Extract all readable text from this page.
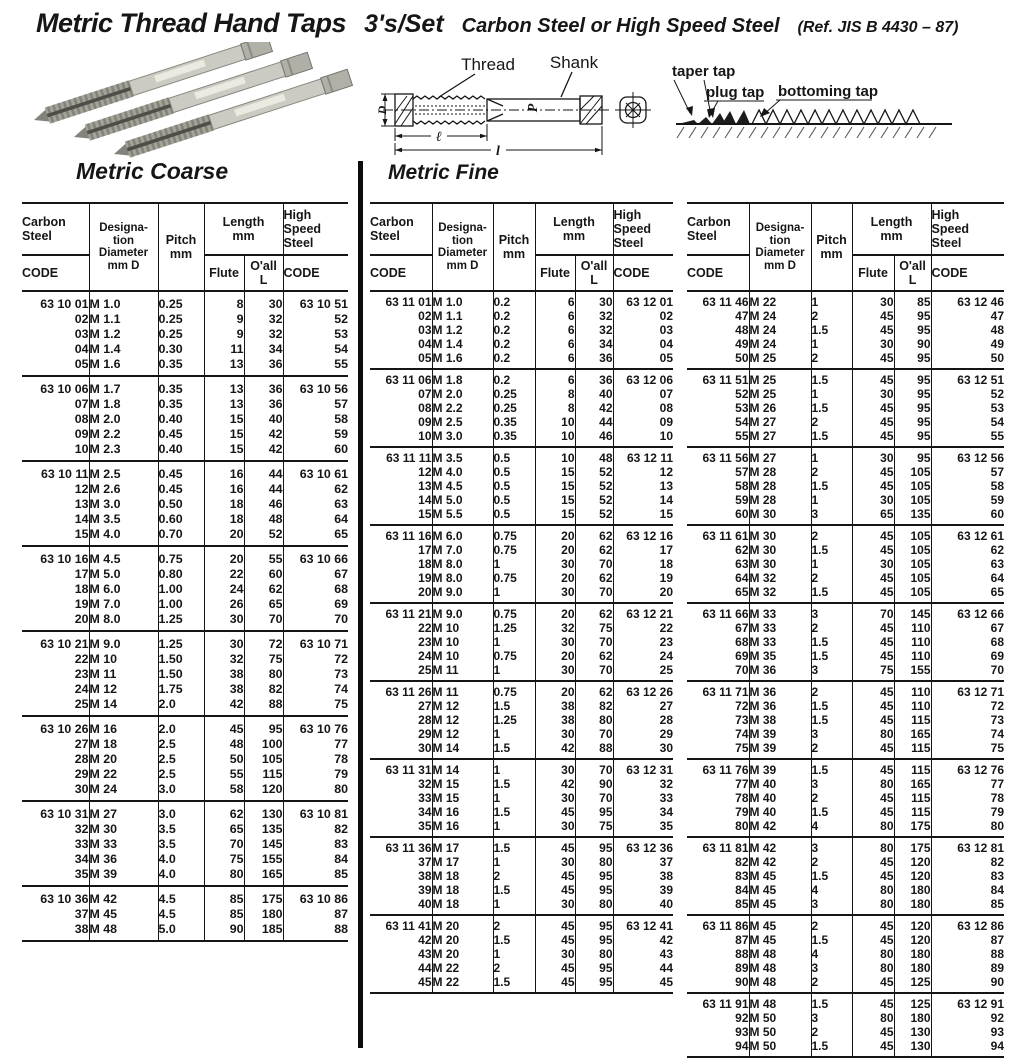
Metric Thread Hand Taps 3's/Set Carbon Steel or High Speed Steel (Ref. JIS B 4430 – 87)
Thread Shank
P
D
ℓ
l
taper tap
plug tap bottoming tap
Metric Coarse	Metric Fine
Carbon
Steel	Designa-
tion
Diameter
mm D	Pitch
mm	Length
mm		High
Speed
Steel
CODE			Flute	O'all
L	CODE
63 10 01	M 1.0	0.25	8	30	63 10 51
02	M 1.1	0.25	9	32	52
03	M 1.2	0.25	9	32	53
04	M 1.4	0.30	11	34	54
05	M 1.6	0.35	13	36	55
63 10 06	M 1.7	0.35	13	36	63 10 56
07	M 1.8	0.35	13	36	57
08	M 2.0	0.40	15	40	58
09	M 2.2	0.45	15	42	59
10	M 2.3	0.40	15	42	60
63 10 11	M 2.5	0.45	16	44	63 10 61
12	M 2.6	0.45	16	44	62
13	M 3.0	0.50	18	46	63
14	M 3.5	0.60	18	48	64
15	M 4.0	0.70	20	52	65
63 10 16	M 4.5	0.75	20	55	63 10 66
17	M 5.0	0.80	22	60	67
18	M 6.0	1.00	24	62	68
19	M 7.0	1.00	26	65	69
20	M 8.0	1.25	30	70	70
63 10 21	M 9.0	1.25	30	72	63 10 71
22	M 10	1.50	32	75	72
23	M 11	1.50	38	80	73
24	M 12	1.75	38	82	74
25	M 14	2.0	42	88	75
63 10 26	M 16	2.0	45	95	63 10 76
27	M 18	2.5	48	100	77
28	M 20	2.5	50	105	78
29	M 22	2.5	55	115	79
30	M 24	3.0	58	120	80
63 10 31	M 27	3.0	62	130	63 10 81
32	M 30	3.5	65	135	82
33	M 33	3.5	70	145	83
34	M 36	4.0	75	155	84
35	M 39	4.0	80	165	85
63 10 36	M 42	4.5	85	175	63 10 86
37	M 45	4.5	85	180	87
38	M 48	5.0	90	185	88
Carbon
Steel	Designa-
tion
Diameter
mm D	Pitch
mm	Length
mm		High
Speed
Steel
CODE			Flute	O'all
L	CODE
63 11 01	M 1.0	0.2	6	30	63 12 01
02	M 1.1	0.2	6	32	02
03	M 1.2	0.2	6	32	03
04	M 1.4	0.2	6	34	04
05	M 1.6	0.2	6	36	05
63 11 06	M 1.8	0.2	6	36	63 12 06
07	M 2.0	0.25	8	40	07
08	M 2.2	0.25	8	42	08
09	M 2.5	0.35	10	44	09
10	M 3.0	0.35	10	46	10
63 11 11	M 3.5	0.5	10	48	63 12 11
12	M 4.0	0.5	15	52	12
13	M 4.5	0.5	15	52	13
14	M 5.0	0.5	15	52	14
15	M 5.5	0.5	15	52	15
63 11 16	M 6.0	0.75	20	62	63 12 16
17	M 7.0	0.75	20	62	17
18	M 8.0	1	30	70	18
19	M 8.0	0.75	20	62	19
20	M 9.0	1	30	70	20
63 11 21	M 9.0	0.75	20	62	63 12 21
22	M 10	1.25	32	75	22
23	M 10	1	30	70	23
24	M 10	0.75	20	62	24
25	M 11	1	30	70	25
63 11 26	M 11	0.75	20	62	63 12 26
27	M 12	1.5	38	82	27
28	M 12	1.25	38	80	28
29	M 12	1	30	70	29
30	M 14	1.5	42	88	30
63 11 31	M 14	1	30	70	63 12 31
32	M 15	1.5	42	90	32
33	M 15	1	30	70	33
34	M 16	1.5	45	95	34
35	M 16	1	30	75	35
63 11 36	M 17	1.5	45	95	63 12 36
37	M 17	1	30	80	37
38	M 18	2	45	95	38
39	M 18	1.5	45	95	39
40	M 18	1	30	80	40
63 11 41	M 20	2	45	95	63 12 41
42	M 20	1.5	45	95	42
43	M 20	1	30	80	43
44	M 22	2	45	95	44
45	M 22	1.5	45	95	45
Carbon
Steel	Designa-
tion
Diameter
mm D	Pitch
mm	Length
mm		High
Speed
Steel
CODE			Flute	O'all
L	CODE
63 11 46	M 22	1	30	85	63 12 46
47	M 24	2	45	95	47
48	M 24	1.5	45	95	48
49	M 24	1	30	90	49
50	M 25	2	45	95	50
63 11 51	M 25	1.5	45	95	63 12 51
52	M 25	1	30	95	52
53	M 26	1.5	45	95	53
54	M 27	2	45	95	54
55	M 27	1.5	45	95	55
63 11 56	M 27	1	30	95	63 12 56
57	M 28	2	45	105	57
58	M 28	1.5	45	105	58
59	M 28	1	30	105	59
60	M 30	3	65	135	60
63 11 61	M 30	2	45	105	63 12 61
62	M 30	1.5	45	105	62
63	M 30	1	30	105	63
64	M 32	2	45	105	64
65	M 32	1.5	45	105	65
63 11 66	M 33	3	70	145	63 12 66
67	M 33	2	45	110	67
68	M 33	1.5	45	110	68
69	M 35	1.5	45	110	69
70	M 36	3	75	155	70
63 11 71	M 36	2	45	110	63 12 71
72	M 36	1.5	45	110	72
73	M 38	1.5	45	115	73
74	M 39	3	80	165	74
75	M 39	2	45	115	75
63 11 76	M 39	1.5	45	115	63 12 76
77	M 40	3	80	165	77
78	M 40	2	45	115	78
79	M 40	1.5	45	115	79
80	M 42	4	80	175	80
63 11 81	M 42	3	80	175	63 12 81
82	M 42	2	45	120	82
83	M 45	1.5	45	120	83
84	M 45	4	80	180	84
85	M 45	3	80	180	85
63 11 86	M 45	2	45	120	63 12 86
87	M 45	1.5	45	120	87
88	M 48	4	80	180	88
89	M 48	3	80	180	89
90	M 48	2	45	125	90
63 11 91	M 48	1.5	45	125	63 12 91
92	M 50	3	80	180	92
93	M 50	2	45	130	93
94	M 50	1.5	45	130	94
